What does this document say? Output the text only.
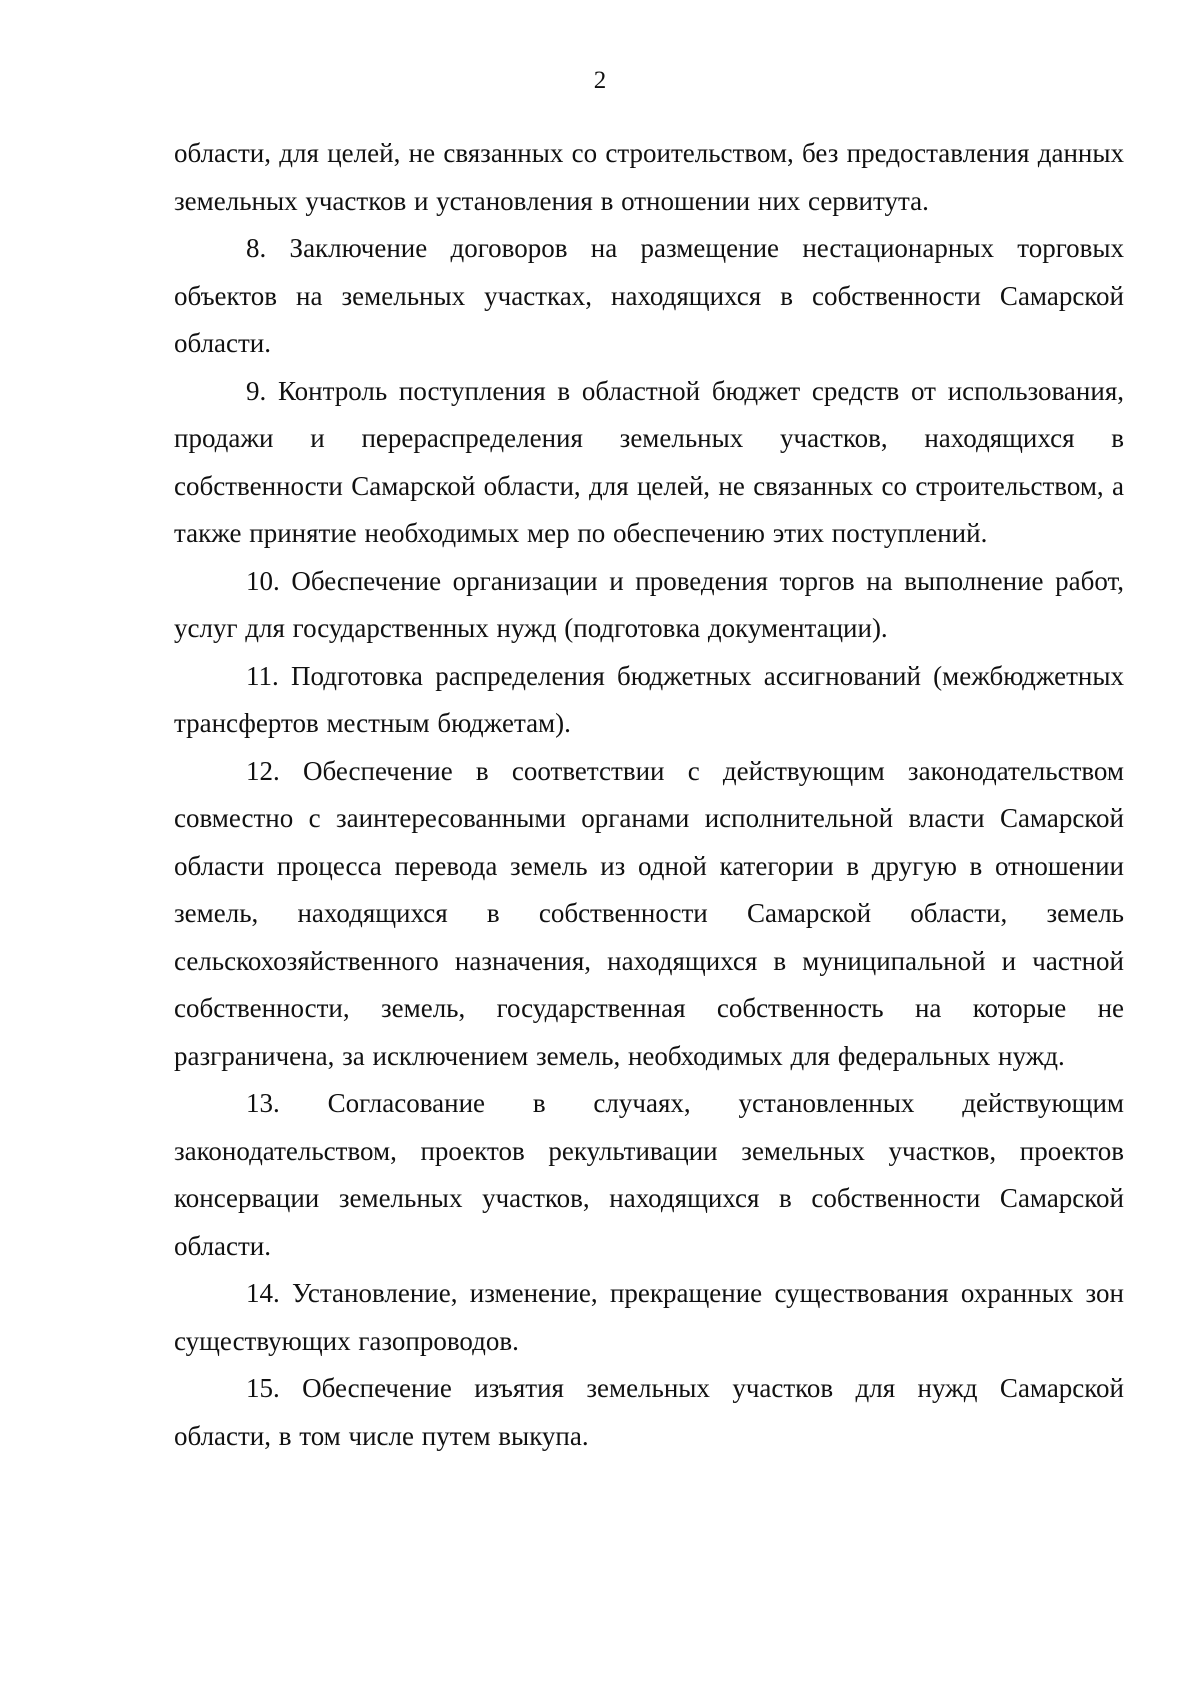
2

области, для целей, не связанных со строительством, без предоставления данных земельных участков и установления в отношении них сервитута.

8. Заключение договоров на размещение нестационарных торговых объектов на земельных участках, находящихся в собственности Самарской области.

9. Контроль поступления в областной бюджет средств от использования, продажи и перераспределения земельных участков, находящихся в собственности Самарской области, для целей, не связанных со строительством, а также принятие необходимых мер по обеспечению этих поступлений.

10. Обеспечение организации и проведения торгов на выполнение работ, услуг для государственных нужд (подготовка документации).

11. Подготовка распределения бюджетных ассигнований (межбюджетных трансфертов местным бюджетам).

12. Обеспечение в соответствии с действующим законодательством совместно с заинтересованными органами исполнительной власти Самарской области процесса перевода земель из одной категории в другую в отношении земель, находящихся в собственности Самарской области, земель сельскохозяйственного назначения, находящихся в муниципальной и частной собственности, земель, государственная собственность на которые не разграничена, за исключением земель, необходимых для федеральных нужд.

13. Согласование в случаях, установленных действующим законодательством, проектов рекультивации земельных участков, проектов консервации земельных участков, находящихся в собственности Самарской области.

14. Установление, изменение, прекращение существования охранных зон существующих газопроводов.

15. Обеспечение изъятия земельных участков для нужд Самарской области, в том числе путем выкупа.
